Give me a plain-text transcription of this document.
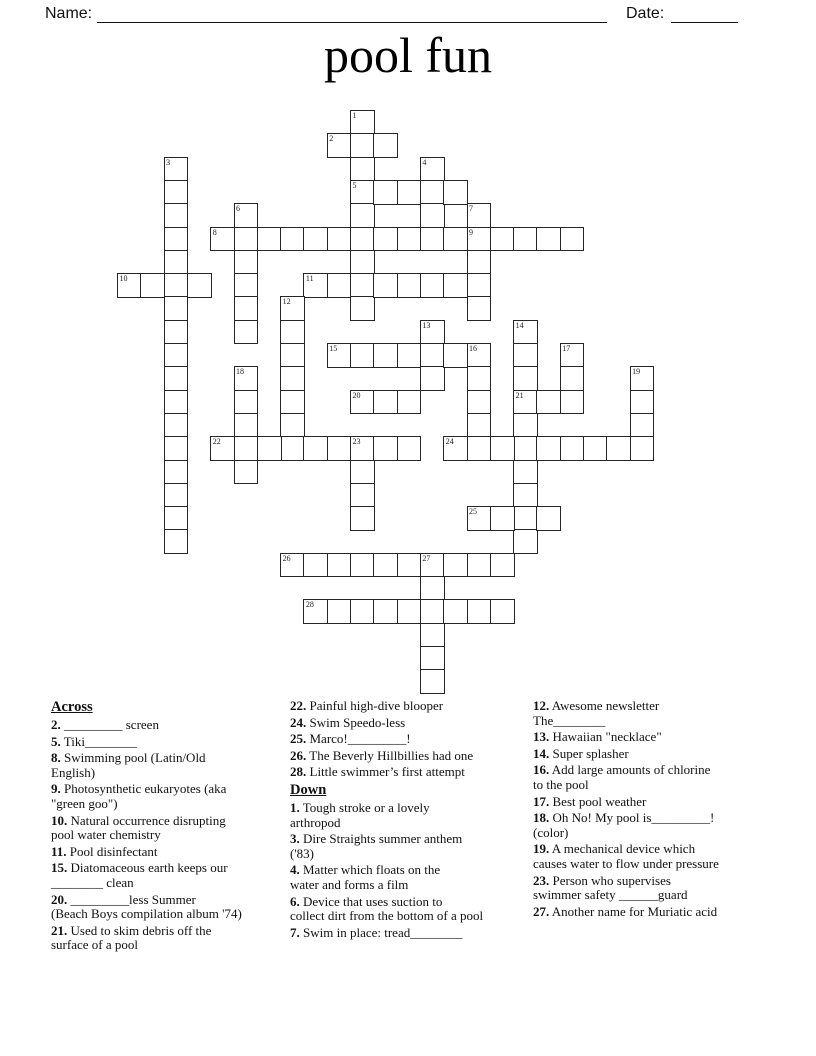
Name:	Date:
pool fun
1
5
2
3	4
6	7
9
8
10	11
12
13	14
21
15	16	17
18	19
20
22	23	24
25
26	27
28
Across
2. _________ screen
5. Tiki________
8. Swimming pool (Latin/Old
English)
9. Photosynthetic eukaryotes (aka
"green goo")
10. Natural occurrence disrupting
pool water chemistry
11. Pool disinfectant
15. Diatomaceous earth keeps our
________ clean
20. _________less Summer
(Beach Boys compilation album '74)
21. Used to skim debris off the
surface of a pool
22. Painful high-dive blooper
24. Swim Speedo-less
25. Marco!_________!
26. The Beverly Hillbillies had one
28. Little swimmer’s first attempt
Down
1. Tough stroke or a lovely
arthropod
3. Dire Straights summer anthem
('83)
4. Matter which floats on the
water and forms a film
6. Device that uses suction to
collect dirt from the bottom of a pool
7. Swim in place: tread________
12. Awesome newsletter
The________
13. Hawaiian "necklace"
14. Super splasher
16. Add large amounts of chlorine
to the pool
17. Best pool weather
18. Oh No! My pool is_________!
(color)
19. A mechanical device which
causes water to flow under pressure
23. Person who supervises
swimmer safety ______guard
27. Another name for Muriatic acid
